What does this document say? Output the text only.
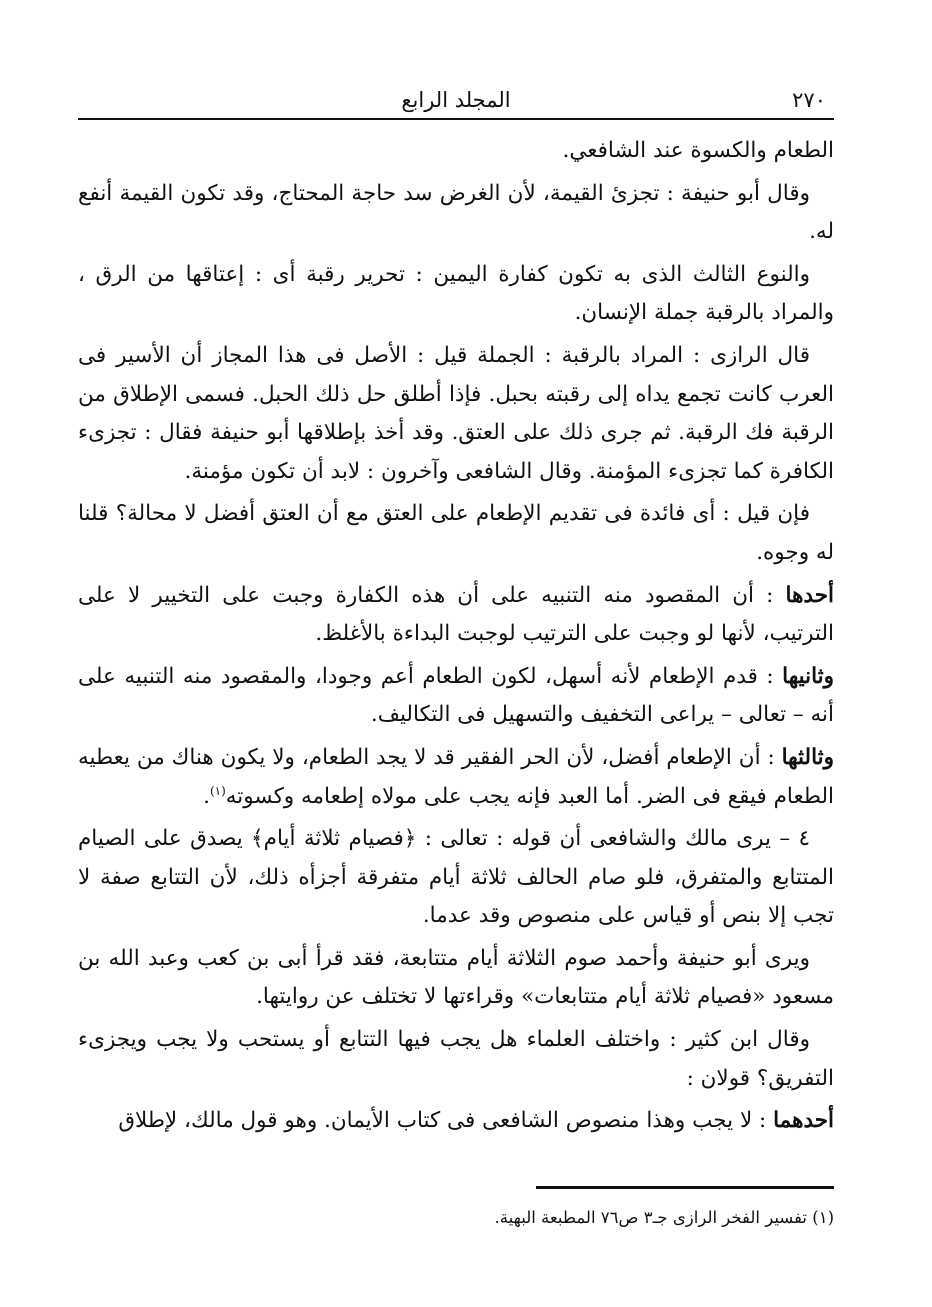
٢٧٠
المجلد الرابع

الطعام والكسوة عند الشافعي.

وقال أبو حنيفة : تجزئ القيمة، لأن الغرض سد حاجة المحتاج، وقد تكون القيمة أنفع له.

والنوع الثالث الذى به تكون كفارة اليمين : تحرير رقبة أى : إعتاقها من الرق ، والمراد بالرقبة جملة الإنسان.

قال الرازى : المراد بالرقبة : الجملة قيل : الأصل فى هذا المجاز أن الأسير فى العرب كانت تجمع يداه إلى رقبته بحبل. فإذا أطلق حل ذلك الحبل. فسمى الإطلاق من الرقبة فك الرقبة. ثم جرى ذلك على العتق. وقد أخذ بإطلاقها أبو حنيفة فقال : تجزىء الكافرة كما تجزىء المؤمنة. وقال الشافعى وآخرون : لابد أن تكون مؤمنة.

فإن قيل : أى فائدة فى تقديم الإطعام على العتق مع أن العتق أفضل لا محالة؟ قلنا له وجوه.

أحدها : أن المقصود منه التنبيه على أن هذه الكفارة وجبت على التخيير لا على الترتيب، لأنها لو وجبت على الترتيب لوجبت البداءة بالأغلظ.

وثانيها : قدم الإطعام لأنه أسهل، لكون الطعام أعم وجودا، والمقصود منه التنبيه على أنه – تعالى – يراعى التخفيف والتسهيل فى التكاليف.

وثالثها : أن الإطعام أفضل، لأن الحر الفقير قد لا يجد الطعام، ولا يكون هناك من يعطيه الطعام فيقع فى الضر. أما العبد فإنه يجب على مولاه إطعامه وكسوته$^{(١)}$.

٤ – يرى مالك والشافعى أن قوله : تعالى : ﴿فصيام ثلاثة أيام﴾ يصدق على الصيام المتتابع والمتفرق، فلو صام الحالف ثلاثة أيام متفرقة أجزأه ذلك، لأن التتابع صفة لا تجب إلا بنص أو قياس على منصوص وقد عدما.

ويرى أبو حنيفة وأحمد صوم الثلاثة أيام متتابعة، فقد قرأ أبى بن كعب وعبد الله بن مسعود «فصيام ثلاثة أيام متتابعات» وقراءتها لا تختلف عن روايتها.

وقال ابن كثير : واختلف العلماء هل يجب فيها التتابع أو يستحب ولا يجب ويجزىء التفريق؟ قولان :

أحدهما : لا يجب وهذا منصوص الشافعى فى كتاب الأيمان. وهو قول مالك، لإطلاق

(١) تفسير الفخر الرازى جـ٣ ص٧٦ المطبعة البهية.
